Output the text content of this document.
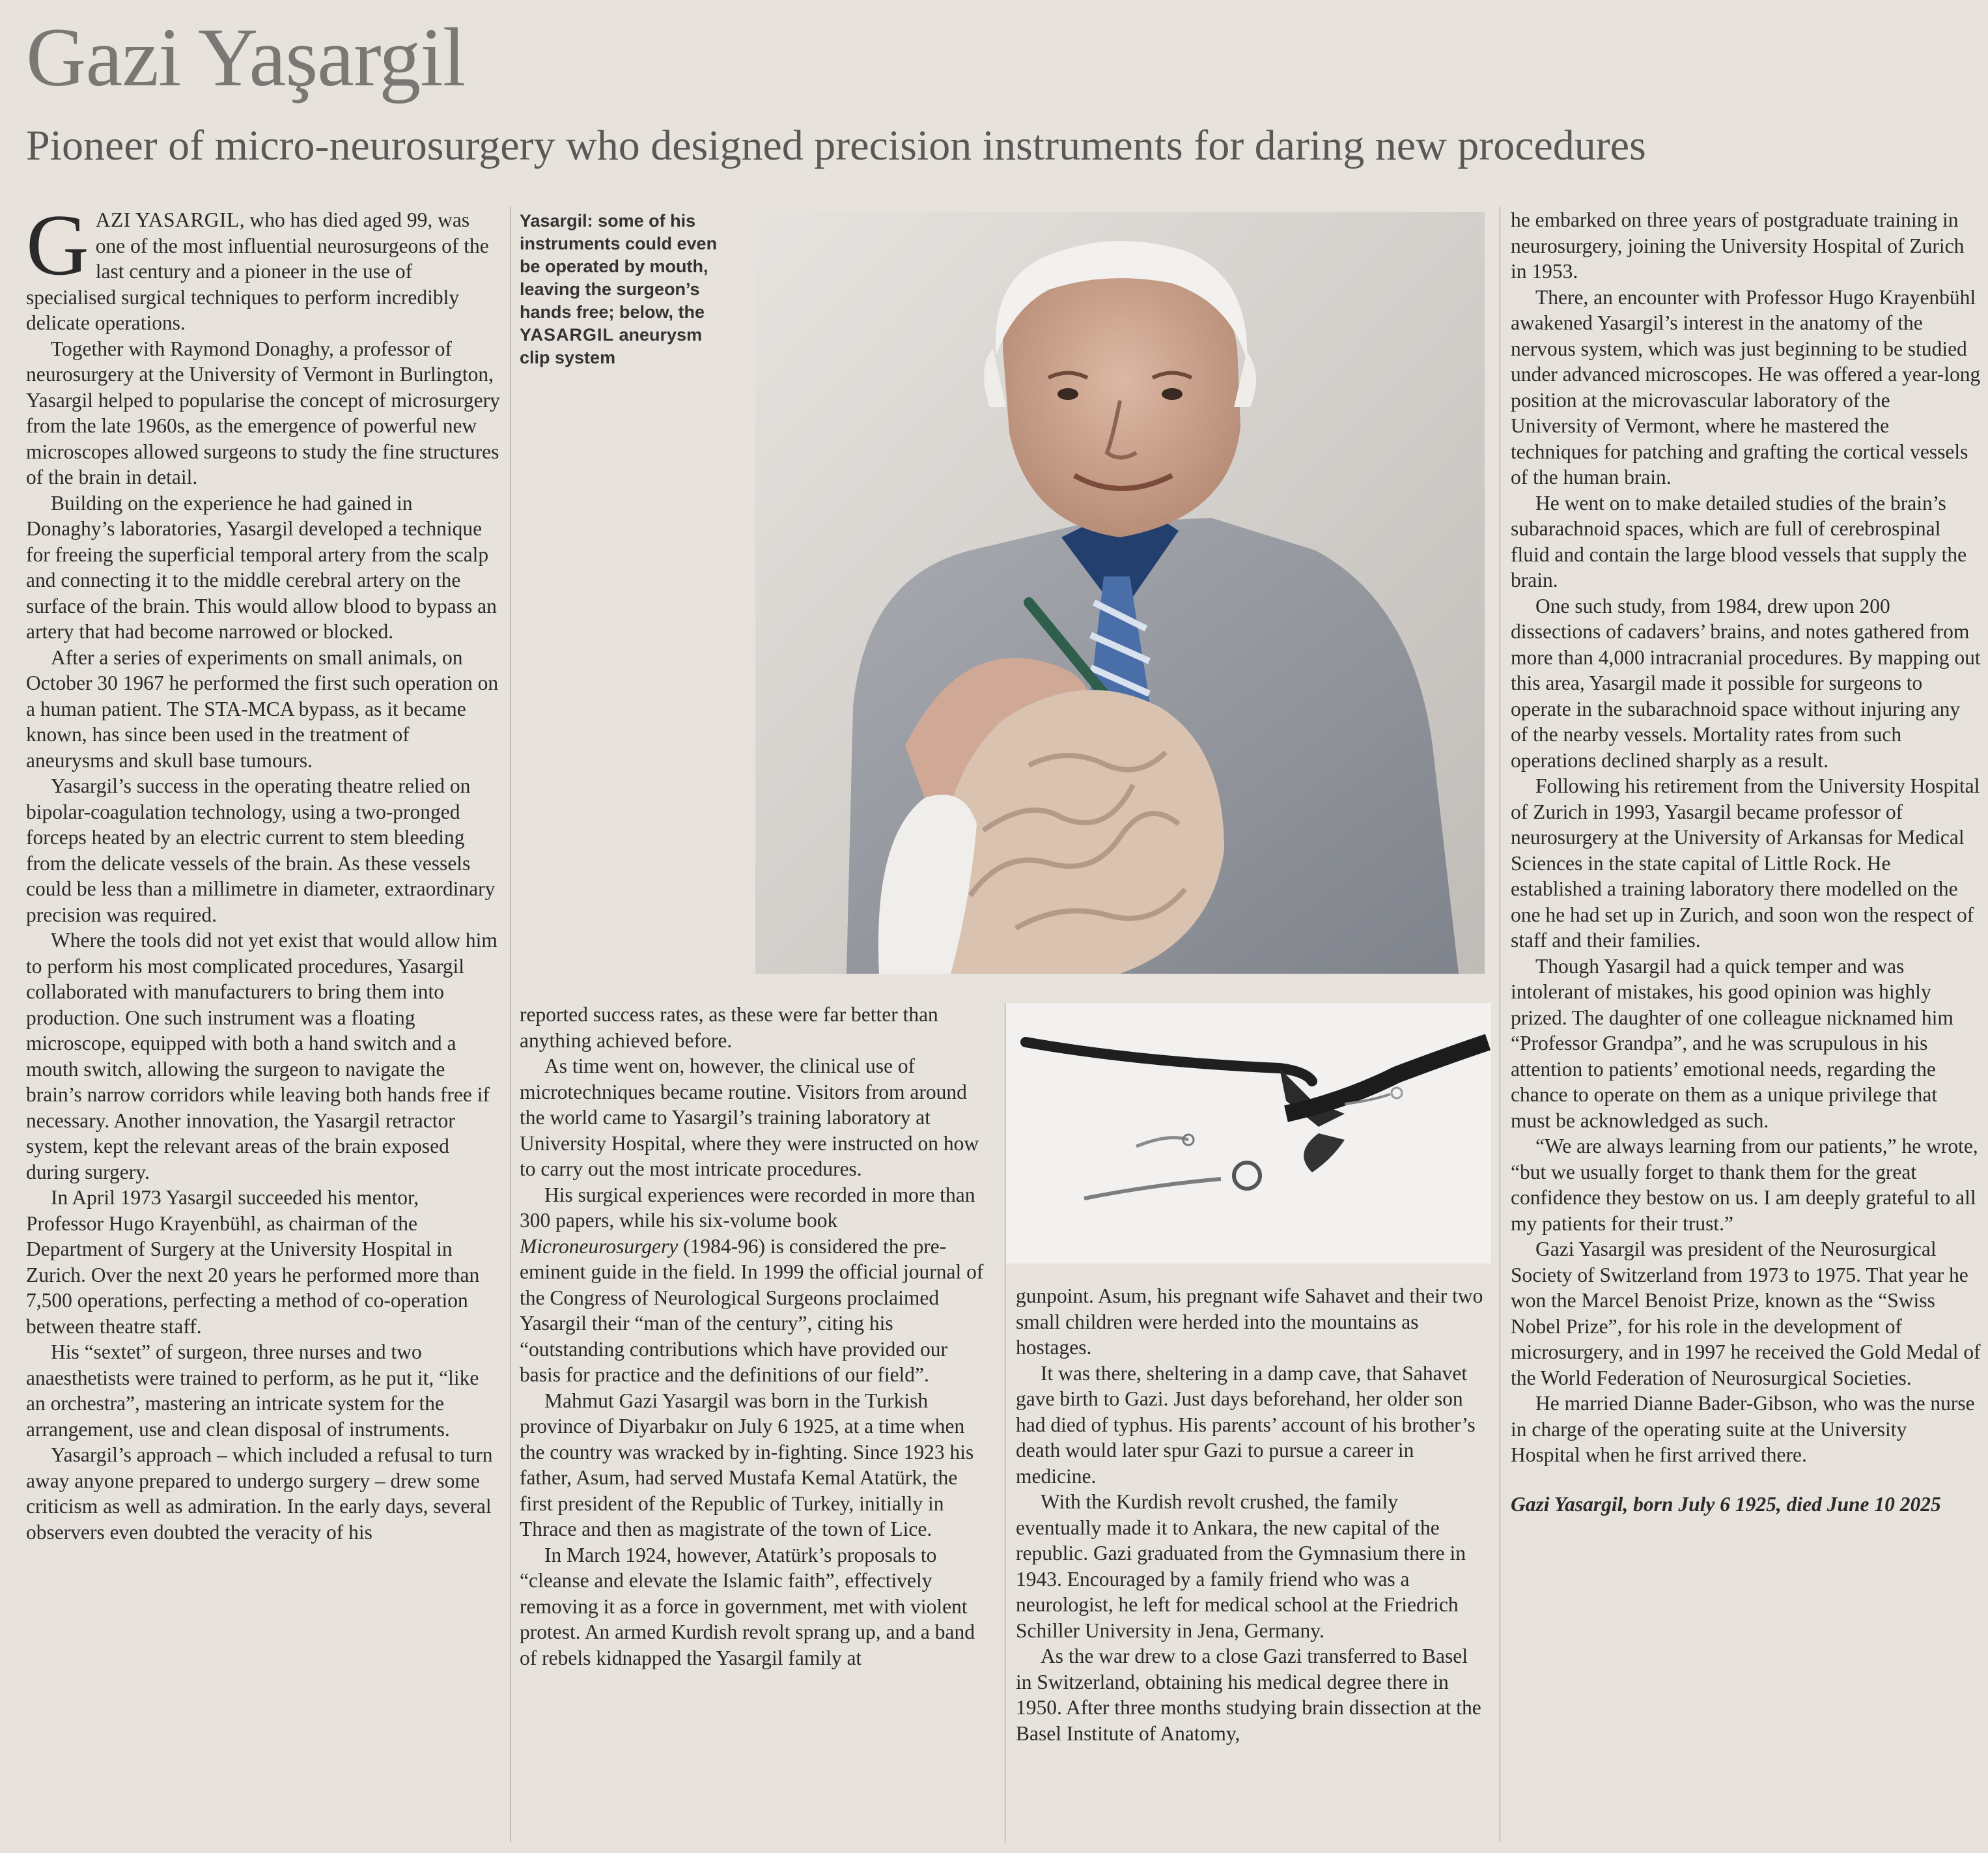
Gazi Yaşargil
Pioneer of micro-neurosurgery who designed precision instruments for daring new procedures

GAZI YASARGIL, who has died aged 99, was one of the most influential neurosurgeons of the last century and a pioneer in the use of specialised surgical techniques to perform incredibly delicate operations.

Together with Raymond Donaghy, a professor of neurosurgery at the University of Vermont in Burlington, Yasargil helped to popularise the concept of microsurgery from the late 1960s, as the emergence of powerful new microscopes allowed surgeons to study the fine structures of the brain in detail.

Building on the experience he had gained in Donaghy’s laboratories, Yasargil developed a technique for freeing the superficial temporal artery from the scalp and connecting it to the middle cerebral artery on the surface of the brain. This would allow blood to bypass an artery that had become narrowed or blocked.

After a series of experiments on small animals, on October 30 1967 he performed the first such operation on a human patient. The STA-MCA bypass, as it became known, has since been used in the treatment of aneurysms and skull base tumours.

Yasargil’s success in the operating theatre relied on bipolar-coagulation technology, using a two-pronged forceps heated by an electric current to stem bleeding from the delicate vessels of the brain. As these vessels could be less than a millimetre in diameter, extraordinary precision was required.

Where the tools did not yet exist that would allow him to perform his most complicated procedures, Yasargil collaborated with manufacturers to bring them into production. One such instrument was a floating microscope, equipped with both a hand switch and a mouth switch, allowing the surgeon to navigate the brain’s narrow corridors while leaving both hands free if necessary. Another innovation, the Yasargil retractor system, kept the relevant areas of the brain exposed during surgery.

In April 1973 Yasargil succeeded his mentor, Professor Hugo Krayenbühl, as chairman of the Department of Surgery at the University Hospital in Zurich. Over the next 20 years he performed more than 7,500 operations, perfecting a method of co-operation between theatre staff.

His “sextet” of surgeon, three nurses and two anaesthetists were trained to perform, as he put it, “like an orchestra”, mastering an intricate system for the arrangement, use and clean disposal of instruments.

Yasargil’s approach – which included a refusal to turn away anyone prepared to undergo surgery – drew some criticism as well as admiration. In the early days, several observers even doubted the veracity of his

Yasargil: some of his instruments could even be operated by mouth, leaving the surgeon’s hands free; below, the YASARGIL aneurysm clip system

reported success rates, as these were far better than anything achieved before.

As time went on, however, the clinical use of microtechniques became routine. Visitors from around the world came to Yasargil’s training laboratory at University Hospital, where they were instructed on how to carry out the most intricate procedures.

His surgical experiences were recorded in more than 300 papers, while his six-volume book Microneurosurgery (1984-96) is considered the pre-eminent guide in the field. In 1999 the official journal of the Congress of Neurological Surgeons proclaimed Yasargil their “man of the century”, citing his “outstanding contributions which have provided our basis for practice and the definitions of our field”.

Mahmut Gazi Yasargil was born in the Turkish province of Diyarbakır on July 6 1925, at a time when the country was wracked by in-fighting. Since 1923 his father, Asum, had served Mustafa Kemal Atatürk, the first president of the Republic of Turkey, initially in Thrace and then as magistrate of the town of Lice.

In March 1924, however, Atatürk’s proposals to “cleanse and elevate the Islamic faith”, effectively removing it as a force in government, met with violent protest. An armed Kurdish revolt sprang up, and a band of rebels kidnapped the Yasargil family at

gunpoint. Asum, his pregnant wife Sahavet and their two small children were herded into the mountains as hostages.

It was there, sheltering in a damp cave, that Sahavet gave birth to Gazi. Just days beforehand, her older son had died of typhus. His parents’ account of his brother’s death would later spur Gazi to pursue a career in medicine.

With the Kurdish revolt crushed, the family eventually made it to Ankara, the new capital of the republic. Gazi graduated from the Gymnasium there in 1943. Encouraged by a family friend who was a neurologist, he left for medical school at the Friedrich Schiller University in Jena, Germany.

As the war drew to a close Gazi transferred to Basel in Switzerland, obtaining his medical degree there in 1950. After three months studying brain dissection at the Basel Institute of Anatomy,

he embarked on three years of postgraduate training in neurosurgery, joining the University Hospital of Zurich in 1953.

There, an encounter with Professor Hugo Krayenbühl awakened Yasargil’s interest in the anatomy of the nervous system, which was just beginning to be studied under advanced microscopes. He was offered a year-long position at the microvascular laboratory of the University of Vermont, where he mastered the techniques for patching and grafting the cortical vessels of the human brain.

He went on to make detailed studies of the brain’s subarachnoid spaces, which are full of cerebrospinal fluid and contain the large blood vessels that supply the brain.

One such study, from 1984, drew upon 200 dissections of cadavers’ brains, and notes gathered from more than 4,000 intracranial procedures. By mapping out this area, Yasargil made it possible for surgeons to operate in the subarachnoid space without injuring any of the nearby vessels. Mortality rates from such operations declined sharply as a result.

Following his retirement from the University Hospital of Zurich in 1993, Yasargil became professor of neurosurgery at the University of Arkansas for Medical Sciences in the state capital of Little Rock. He established a training laboratory there modelled on the one he had set up in Zurich, and soon won the respect of staff and their families.

Though Yasargil had a quick temper and was intolerant of mistakes, his good opinion was highly prized. The daughter of one colleague nicknamed him “Professor Grandpa”, and he was scrupulous in his attention to patients’ emotional needs, regarding the chance to operate on them as a unique privilege that must be acknowledged as such.

“We are always learning from our patients,” he wrote, “but we usually forget to thank them for the great confidence they bestow on us. I am deeply grateful to all my patients for their trust.”

Gazi Yasargil was president of the Neurosurgical Society of Switzerland from 1973 to 1975. That year he won the Marcel Benoist Prize, known as the “Swiss Nobel Prize”, for his role in the development of microsurgery, and in 1997 he received the Gold Medal of the World Federation of Neurosurgical Societies.

He married Dianne Bader-Gibson, who was the nurse in charge of the operating suite at the University Hospital when he first arrived there.

Gazi Yasargil, born July 6 1925, died June 10 2025
